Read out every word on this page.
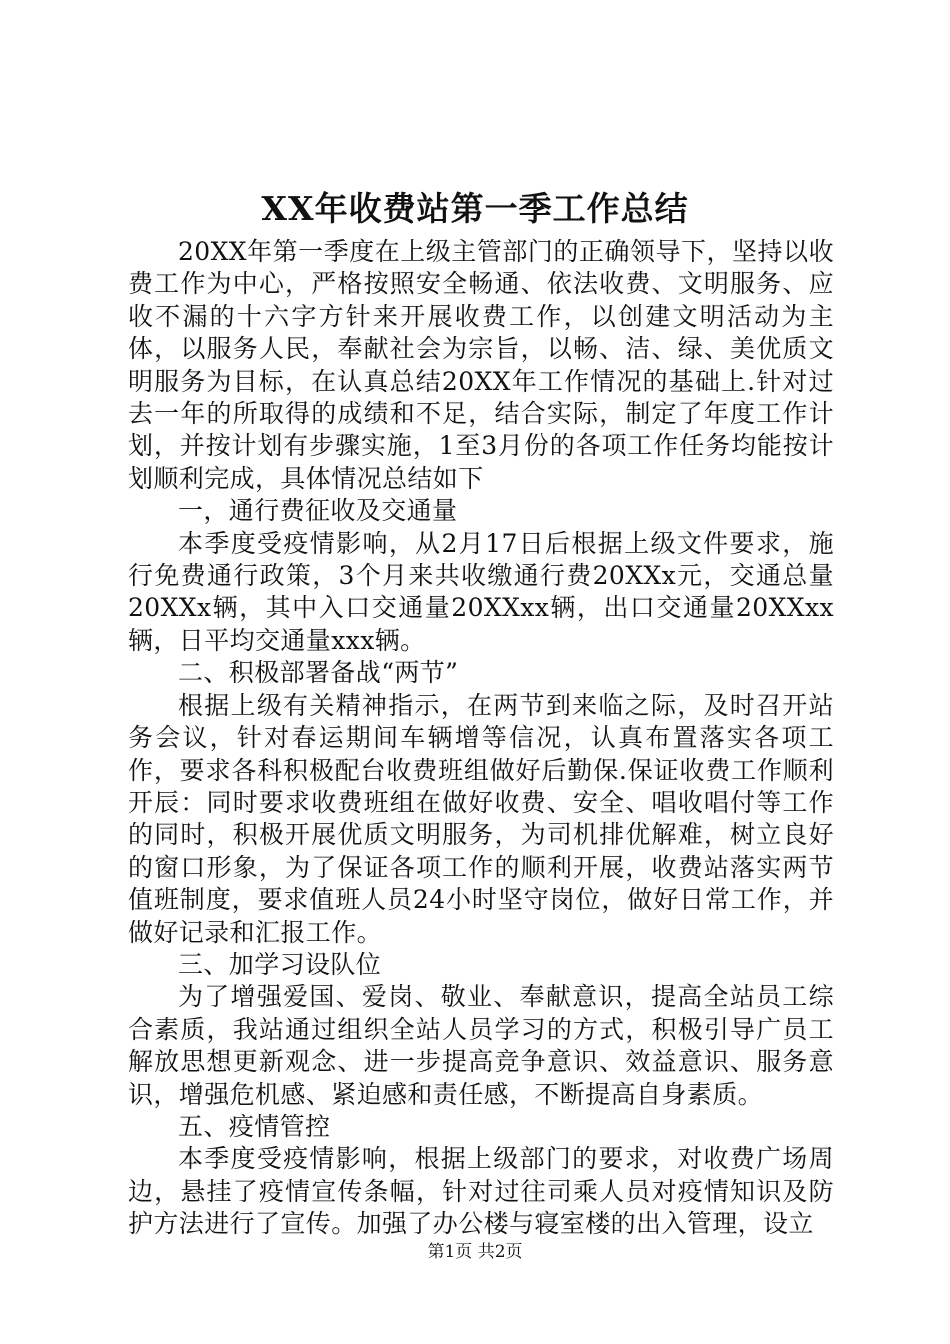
XX年收费站第一季工作总结

20XX年第一季度在上级主管部门的正确领导下，坚持以收费工作为中心，严格按照安全畅通、依法收费、文明服务、应收不漏的十六字方针来开展收费工作，以创建文明活动为主体，以服务人民，奉献社会为宗旨，以畅、洁、绿、美优质文明服务为目标，在认真总结20XX年工作情况的基础上.针对过去一年的所取得的成绩和不足，结合实际，制定了年度工作计划，并按计划有步骤实施，1至3月份的各项工作任务均能按计划顺利完成，具体情况总结如下

一，通行费征收及交通量

本季度受疫情影响，从2月17日后根据上级文件要求，施行免费通行政策，3个月来共收缴通行费20XXx元，交通总量20XXx辆，其中入口交通量20XXxx辆，出口交通量20XXxx辆，日平均交通量xxx辆。

二、积极部署备战“两节”

根据上级有关精神指示，在两节到来临之际，及时召开站务会议，针对春运期间车辆增等信况，认真布置落实各项工作，要求各科积极配台收费班组做好后勤保.保证收费工作顺利开辰：同时要求收费班组在做好收费、安全、唱收唱付等工作的同时，积极开展优质文明服务，为司机排优解难，树立良好的窗口形象，为了保证各项工作的顺利开展，收费站落实两节值班制度，要求值班人员24小时坚守岗位，做好日常工作，并做好记录和汇报工作。

三、加学习设队位

为了增强爱国、爱岗、敬业、奉献意识，提高全站员工综合素质，我站通过组织全站人员学习的方式，积极引导广员工解放思想更新观念、进一步提高竞争意识、效益意识、服务意识，增强危机感、紧迫感和责任感，不断提高自身素质。

五、疫情管控

本季度受疫情影响，根据上级部门的要求，对收费广场周边，悬挂了疫情宣传条幅，针对过往司乘人员对疫情知识及防护方法进行了宣传。加强了办公楼与寝室楼的出入管理，设立

第1页 共2页
